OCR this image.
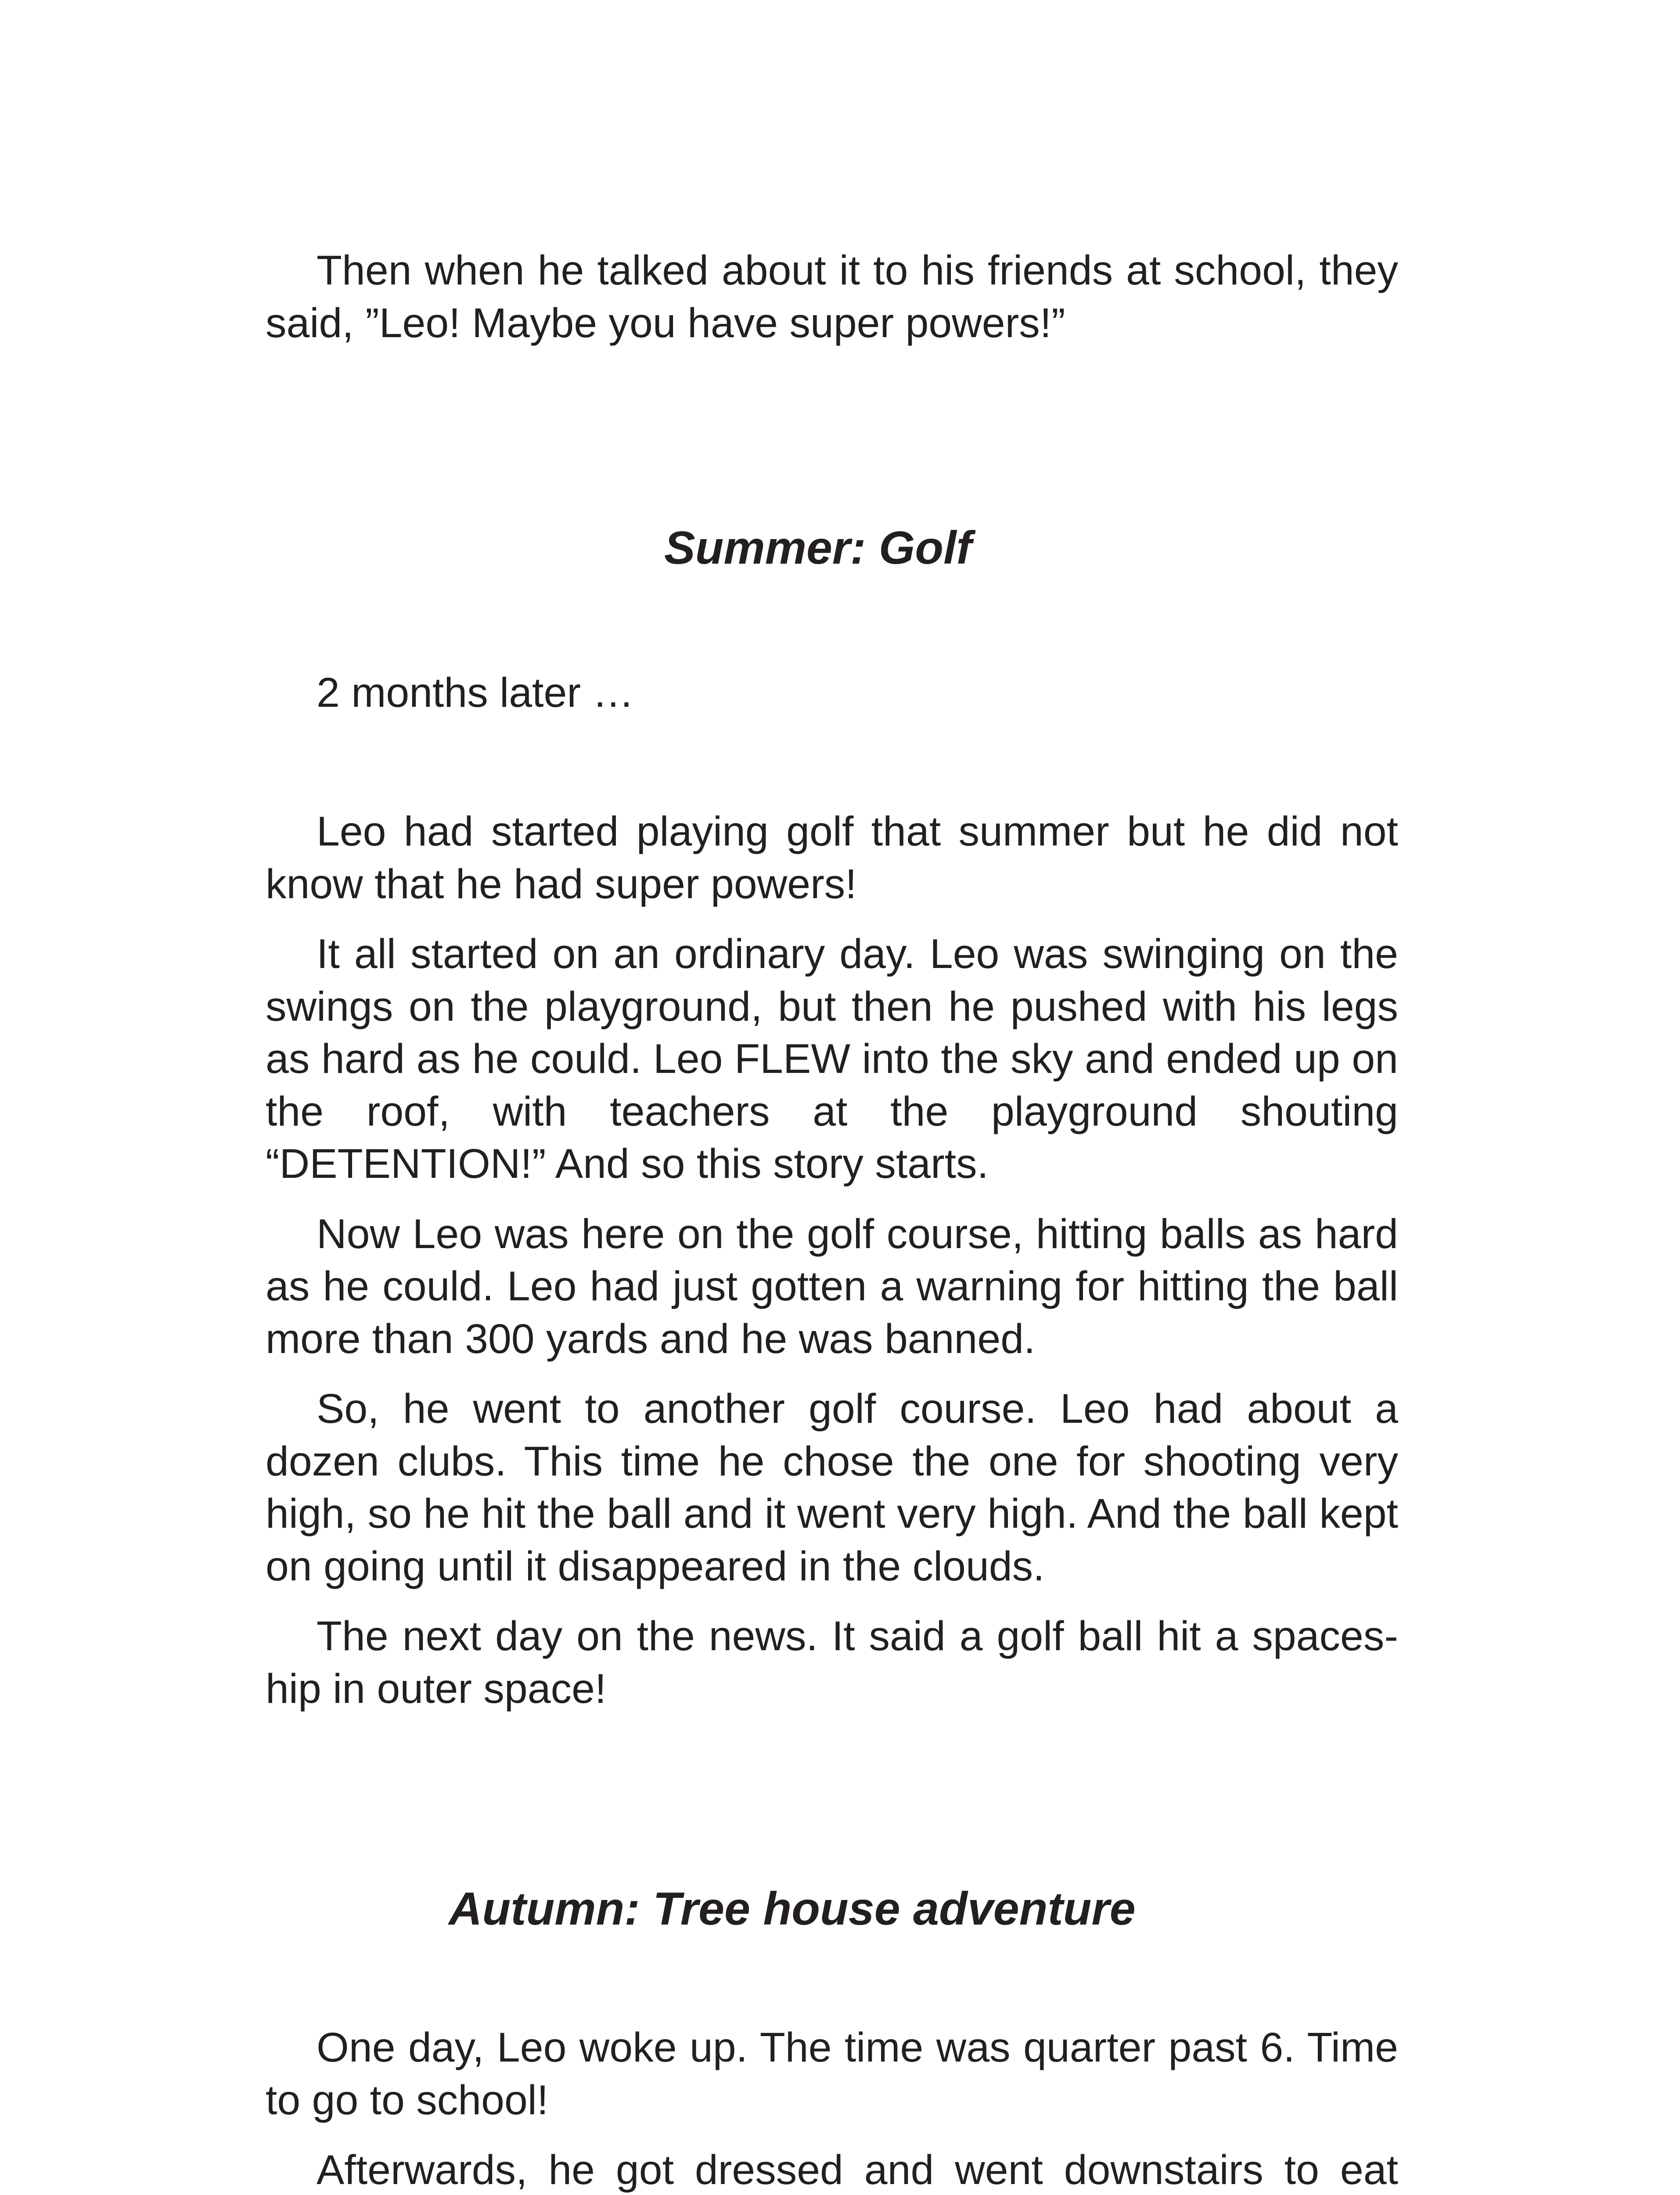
Then when he talked about it to his friends at school, they said, ”Leo! Maybe you have super powers!”

Summer: Golf

2 months later …

Leo had started playing golf that summer but he did not know that he had super powers!

It all started on an ordinary day. Leo was swinging on the swings on the playground, but then he pushed with his legs as hard as he could. Leo FLEW into the sky and ended up on the roof, with teachers at the playground shouting “DETENTION!” And so this story starts.

Now Leo was here on the golf course, hitting balls as hard as he could. Leo had just gotten a warning for hitting the ball more than 300 yards and he was banned.

So, he went to another golf course. Leo had about a dozen clubs. This time he chose the one for shooting very high, so he hit the ball and it went very high. And the ball kept on going until it disappeared in the clouds.

The next day on the news. It said a golf ball hit a spaceship in outer space!

Autumn: Tree house adventure

One day, Leo woke up. The time was quarter past 6. Time to go to school!

Afterwards, he got dressed and went downstairs to eat
